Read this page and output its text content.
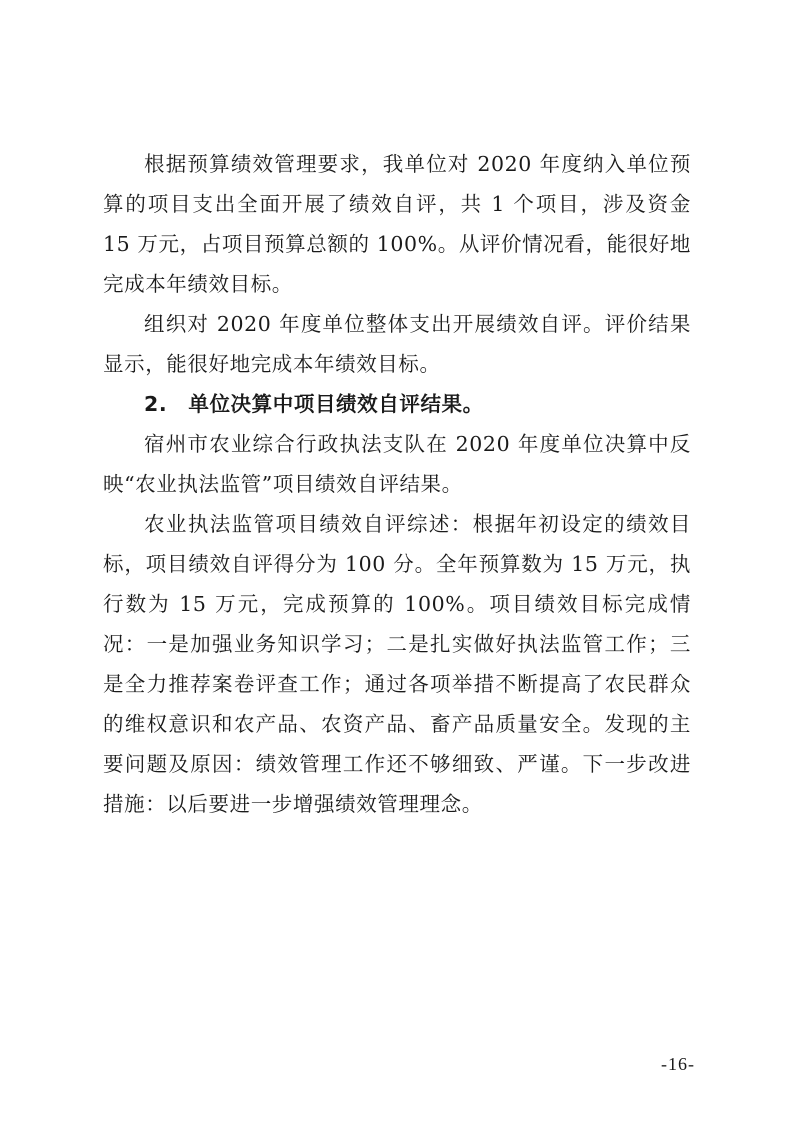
根据预算绩效管理要求，我单位对 2020 年度纳入单位预算的项目支出全面开展了绩效自评，共 1 个项目，涉及资金 15 万元，占项目预算总额的 100%。从评价情况看，能很好地完成本年绩效目标。

组织对 2020 年度单位整体支出开展绩效自评。评价结果显示，能很好地完成本年绩效目标。

2.　单位决算中项目绩效自评结果。

宿州市农业综合行政执法支队在 2020 年度单位决算中反映“农业执法监管”项目绩效自评结果。

农业执法监管项目绩效自评综述：根据年初设定的绩效目标，项目绩效自评得分为 100 分。全年预算数为 15 万元，执行数为 15 万元，完成预算的 100%。项目绩效目标完成情况：一是加强业务知识学习；二是扎实做好执法监管工作；三是全力推荐案卷评查工作；通过各项举措不断提高了农民群众的维权意识和农产品、农资产品、畜产品质量安全。发现的主要问题及原因：绩效管理工作还不够细致、严谨。下一步改进措施：以后要进一步增强绩效管理理念。

-16-
